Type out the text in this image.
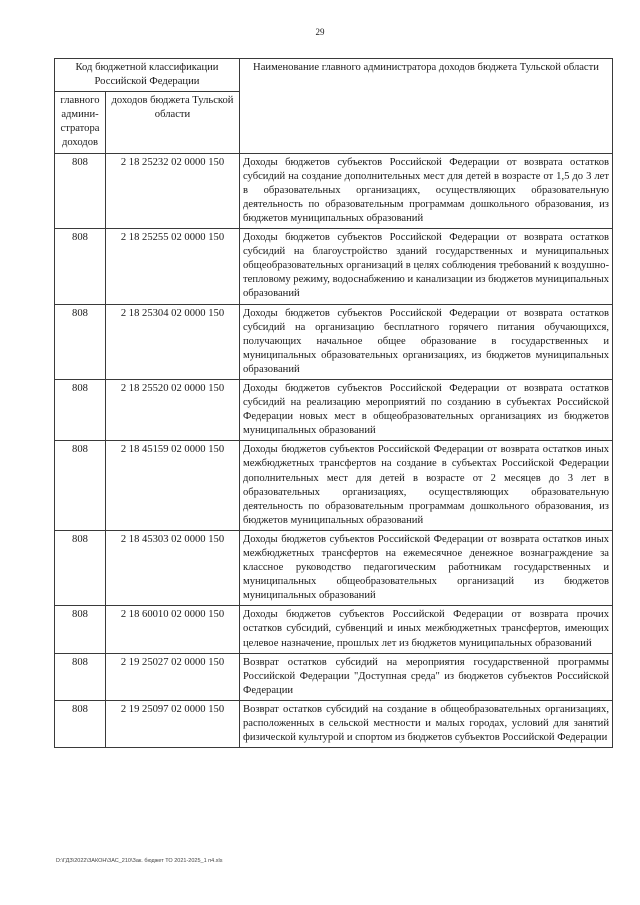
29
Код бюджетной классификации Российской Федерации		Наименование главного администратора доходов бюджета Тульской области
главного админи-стратора доходов	доходов бюджета Тульской области	
808	2 18 25232 02 0000 150	Доходы бюджетов субъектов Российской Федерации от возврата остатков субсидий на создание дополнительных мест для детей в возрасте от 1,5 до 3 лет в образовательных организациях, осуществляющих образовательную деятельность по образовательным программам дошкольного образования, из бюджетов муниципальных образований
808	2 18 25255 02 0000 150	Доходы бюджетов субъектов Российской Федерации от возврата остатков субсидий на благоустройство зданий государственных и муниципальных общеобразовательных организаций в целях соблюдения требований к воздушно-тепловому режиму, водоснабжению и канализации из бюджетов муниципальных образований
808	2 18 25304 02 0000 150	Доходы бюджетов субъектов Российской Федерации от возврата остатков субсидий на организацию бесплатного горячего питания обучающихся, получающих начальное общее образование в государственных и муниципальных образовательных организациях, из бюджетов муниципальных образований
808	2 18 25520 02 0000 150	Доходы бюджетов субъектов Российской Федерации от возврата остатков субсидий на реализацию мероприятий по созданию в субъектах Российской Федерации новых мест в общеобразовательных организациях из бюджетов муниципальных образований
808	2 18 45159 02 0000 150	Доходы бюджетов субъектов Российской Федерации от возврата остатков иных межбюджетных трансфертов на создание в субъектах Российской Федерации дополнительных мест для детей в возрасте от 2 месяцев до 3 лет в образовательных организациях, осуществляющих образовательную деятельность по образовательным программам дошкольного образования, из бюджетов муниципальных образований
808	2 18 45303 02 0000 150	Доходы бюджетов субъектов Российской Федерации от возврата остатков иных межбюджетных трансфертов на ежемесячное денежное вознаграждение за классное руководство педагогическим работникам государственных и муниципальных общеобразовательных организаций из бюджетов муниципальных образований
808	2 18 60010 02 0000 150	Доходы бюджетов субъектов Российской Федерации от возврата прочих остатков субсидий, субвенций и иных межбюджетных трансфертов, имеющих целевое назначение, прошлых лет из бюджетов муниципальных образований
808	2 19 25027 02 0000 150	Возврат остатков субсидий на мероприятия государственной программы Российской Федерации "Доступная среда" из бюджетов субъектов Российской Федерации
808	2 19 25097 02 0000 150	Возврат остатков субсидий на создание в общеобразовательных организациях, расположенных в сельской местности и малых городах, условий для занятий физической культурой и спортом из бюджетов субъектов Российской Федерации
D:\ГДЗ\2022\ЗАКОН\ЗАС_210\Зак. бюджет ТО 2021-2025_1 п4.xls
